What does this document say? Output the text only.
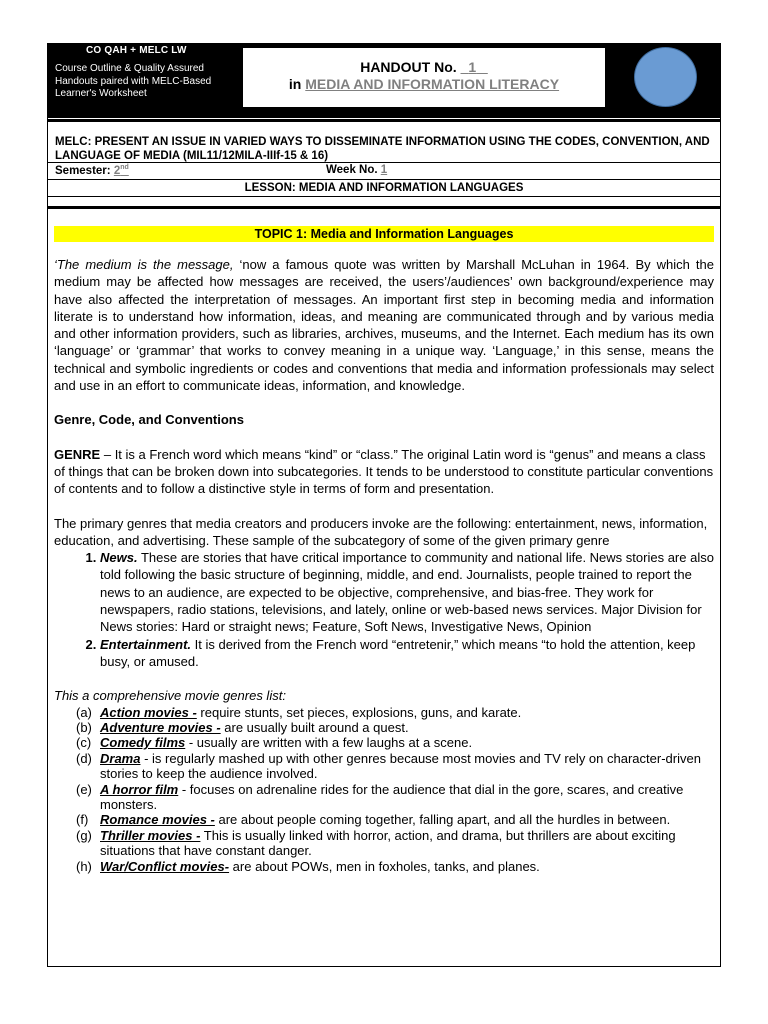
CO QAH + MELC LW
Course Outline & Quality Assured Handouts paired with MELC-Based Learner's Worksheet
HANDOUT No. 1
in MEDIA AND INFORMATION LITERACY
MELC: PRESENT AN ISSUE IN VARIED WAYS TO DISSEMINATE INFORMATION USING THE CODES, CONVENTION, AND LANGUAGE OF MEDIA (MIL11/12MILA-IIIf-15 & 16)
Semester: 2nd	Week No. 1
LESSON: MEDIA AND INFORMATION LANGUAGES
TOPIC 1: Media and Information Languages

‘The medium is the message, ‘now a famous quote was written by Marshall McLuhan in 1964. By which the medium may be affected how messages are received, the users’/audiences’ own background/experience may have also affected the interpretation of messages. An important first step in becoming media and information literate is to understand how information, ideas, and meaning are communicated through and by various media and other information providers, such as libraries, archives, museums, and the Internet. Each medium has its own ‘language’ or ‘grammar’ that works to convey meaning in a unique way. ‘Language,’ in this sense, means the technical and symbolic ingredients or codes and conventions that media and information professionals may select and use in an effort to communicate ideas, information, and knowledge.

Genre, Code, and Conventions

GENRE – It is a French word which means “kind” or “class.” The original Latin word is “genus” and means a class of things that can be broken down into subcategories. It tends to be understood to constitute particular conventions of contents and to follow a distinctive style in terms of form and presentation.

The primary genres that media creators and producers invoke are the following: entertainment, news, information, education, and advertising. These sample of the subcategory of some of the given primary genre

1. News. These are stories that have critical importance to community and national life. News stories are also told following the basic structure of beginning, middle, and end. Journalists, people trained to report the news to an audience, are expected to be objective, comprehensive, and bias-free. They work for newspapers, radio stations, televisions, and lately, online or web-based news services. Major Division for News stories: Hard or straight news; Feature, Soft News, Investigative News, Opinion
2. Entertainment. It is derived from the French word “entretenir,” which means “to hold the attention, keep busy, or amused.

This a comprehensive movie genres list:

(a) Action movies - require stunts, set pieces, explosions, guns, and karate.
(b) Adventure movies - are usually built around a quest.
(c) Comedy films - usually are written with a few laughs at a scene.
(d) Drama - is regularly mashed up with other genres because most movies and TV rely on character-driven stories to keep the audience involved.
(e) A horror film - focuses on adrenaline rides for the audience that dial in the gore, scares, and creative monsters.
(f) Romance movies - are about people coming together, falling apart, and all the hurdles in between.
(g) Thriller movies - This is usually linked with horror, action, and drama, but thrillers are about exciting situations that have constant danger.
(h) War/Conflict movies- are about POWs, men in foxholes, tanks, and planes.
